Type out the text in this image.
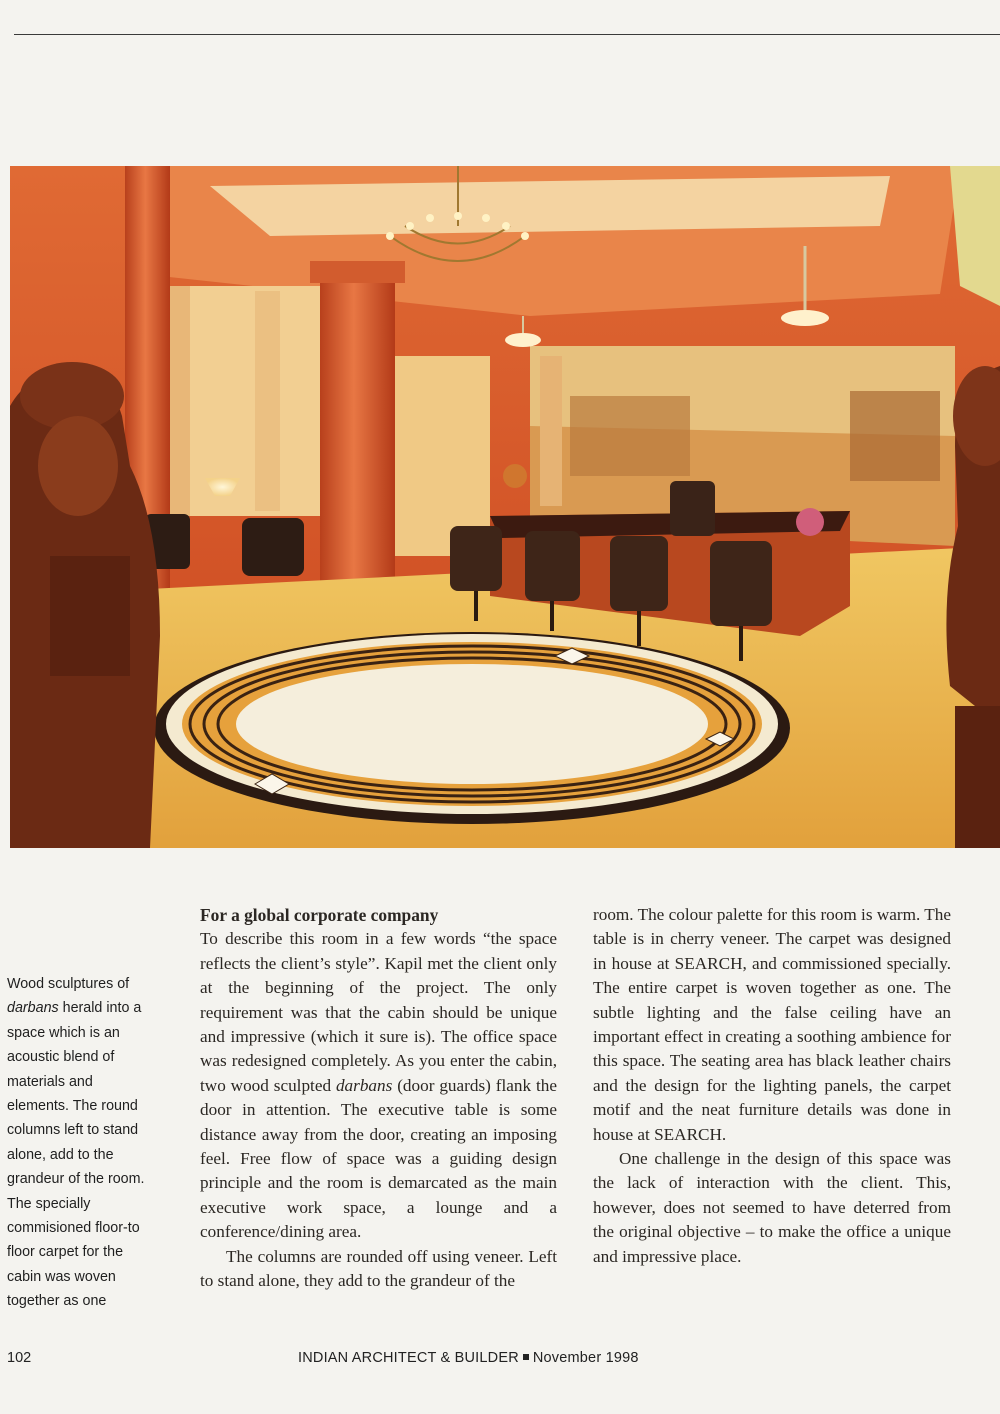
Wood sculptures of darbans herald into a space which is an acoustic blend of materials and elements. The round columns left to stand alone, add to the grandeur of the room. The specially commisioned floor-to floor carpet for the cabin was woven together as one

For a global corporate company

To describe this room in a few words “the space reflects the client’s style”. Kapil met the client only at the beginning of the project. The only requirement was that the cabin should be unique and impressive (which it sure is). The office space was redesigned completely. As you enter the cabin, two wood sculpted darbans (door guards) flank the door in attention. The executive table is some distance away from the door, creating an imposing feel. Free flow of space was a guiding design principle and the room is demarcated as the main executive work space, a lounge and a conference/dining area.

The columns are rounded off using veneer. Left to stand alone, they add to the grandeur of the

room. The colour palette for this room is warm. The table is in cherry veneer. The carpet was designed in house at SEARCH, and commissioned specially. The entire carpet is woven together as one. The subtle lighting and the false ceiling have an important effect in creating a soothing ambience for this space. The seating area has black leather chairs and the design for the lighting panels, the carpet motif and the neat furniture details was done in house at SEARCH.

One challenge in the design of this space was the lack of interaction with the client. This, however, does not seemed to have deterred from the original objective – to make the office a unique and impressive place.

102	INDIAN ARCHITECT & BUILDER November 1998
